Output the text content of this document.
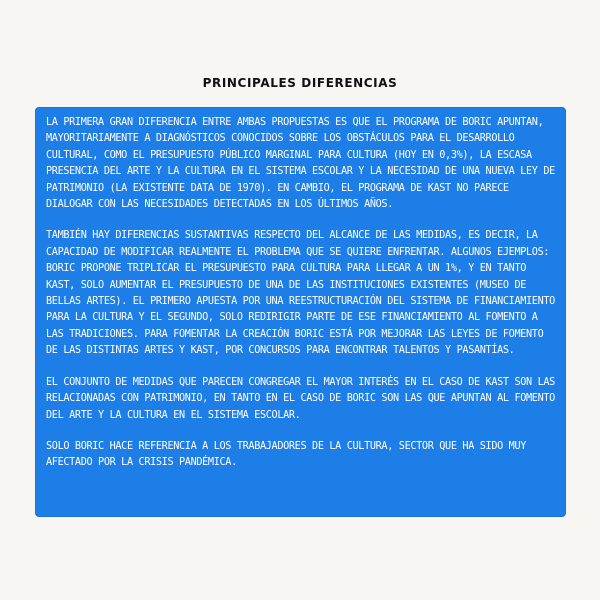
PRINCIPALES DIFERENCIAS

LA PRIMERA GRAN DIFERENCIA ENTRE AMBAS PROPUESTAS ES QUE EL PROGRAMA DE BORIC APUNTAN, MAYORITARIAMENTE A DIAGNÓSTICOS CONOCIDOS SOBRE LOS OBSTÁCULOS PARA EL DESARROLLO CULTURAL, COMO EL PRESUPUESTO PÚBLICO MARGINAL PARA CULTURA (HOY EN 0,3%), LA ESCASA PRESENCIA DEL ARTE Y LA CULTURA EN EL SISTEMA ESCOLAR Y LA NECESIDAD DE UNA NUEVA LEY DE PATRIMONIO (LA EXISTENTE DATA DE 1970). EN CAMBIO, EL PROGRAMA DE KAST NO PARECE DIALOGAR CON LAS NECESIDADES DETECTADAS EN LOS ÚLTIMOS AÑOS.

TAMBIÉN HAY DIFERENCIAS SUSTANTIVAS RESPECTO DEL ALCANCE DE LAS MEDIDAS, ES DECIR, LA CAPACIDAD DE MODIFICAR REALMENTE EL PROBLEMA QUE SE QUIERE ENFRENTAR. ALGUNOS EJEMPLOS: BORIC PROPONE TRIPLICAR EL PRESUPUESTO PARA CULTURA PARA LLEGAR A UN 1%, Y EN TANTO KAST, SOLO AUMENTAR EL PRESUPUESTO DE UNA DE LAS INSTITUCIONES EXISTENTES (MUSEO DE BELLAS ARTES). EL PRIMERO APUESTA POR UNA REESTRUCTURACIÓN DEL SISTEMA DE FINANCIAMIENTO PARA LA CULTURA Y EL SEGUNDO, SOLO REDIRIGIR PARTE DE ESE FINANCIAMIENTO AL FOMENTO A LAS TRADICIONES. PARA FOMENTAR LA CREACIÓN BORIC ESTÁ POR MEJORAR LAS LEYES DE FOMENTO DE LAS DISTINTAS ARTES Y KAST, POR CONCURSOS PARA ENCONTRAR TALENTOS Y PASANTÍAS.

EL CONJUNTO DE MEDIDAS QUE PARECEN CONGREGAR EL MAYOR INTERÉS EN EL CASO DE KAST SON LAS RELACIONADAS CON PATRIMONIO, EN TANTO EN EL CASO DE BORIC SON LAS QUE APUNTAN AL FOMENTO DEL ARTE Y LA CULTURA EN EL SISTEMA ESCOLAR.

SOLO BORIC HACE REFERENCIA A LOS TRABAJADORES DE LA CULTURA, SECTOR QUE HA SIDO MUY AFECTADO POR LA CRISIS PANDÉMICA.
